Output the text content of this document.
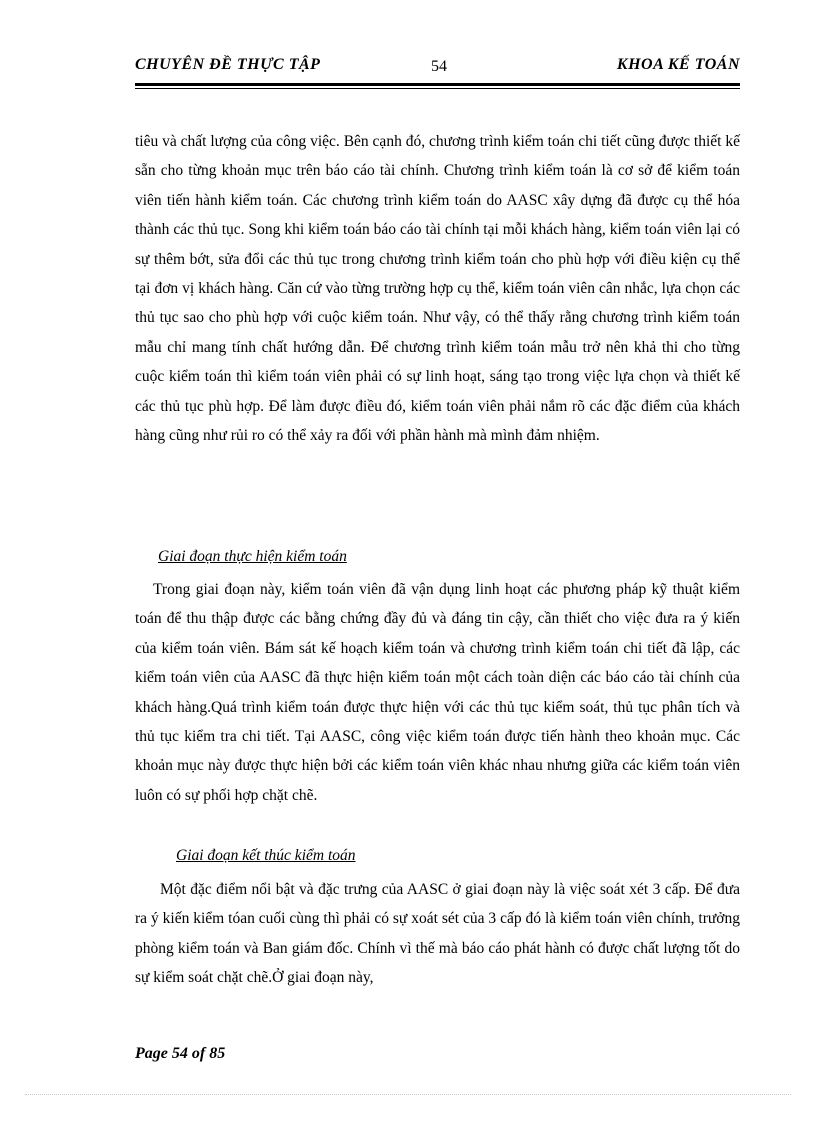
CHUYÊN ĐỀ THỰC TẬP	54	KHOA KẾ TOÁN
tiêu và chất lượng của công việc. Bên cạnh đó, chương trình kiểm toán chi tiết cũng được thiết kế sẵn cho từng khoản mục trên báo cáo tài chính. Chương trình kiểm toán là cơ sở để kiểm toán viên tiến hành kiểm toán. Các chương trình kiểm toán do AASC xây dựng đã được cụ thể hóa thành các thủ tục. Song khi kiểm toán báo cáo tài chính tại mỗi khách hàng, kiểm toán viên lại có sự thêm bớt, sửa đổi các thủ tục trong chương trình kiểm toán cho phù hợp với điều kiện cụ thể tại đơn vị khách hàng. Căn cứ vào từng trường hợp cụ thể, kiểm toán viên cân nhắc, lựa chọn các thủ tục sao cho phù hợp với cuộc kiểm toán. Như vậy, có thể thấy rằng chương trình kiểm toán mẫu chỉ mang tính chất hướng dẫn. Để chương trình kiểm toán mẫu trở nên khả thi cho từng cuộc kiểm toán thì kiểm toán viên phải có sự linh hoạt, sáng tạo trong việc lựa chọn và thiết kế các thủ tục phù hợp. Để làm được điều đó, kiểm toán viên phải nắm rõ các đặc điểm của khách hàng cũng như rủi ro có thể xảy ra đối với phần hành mà mình đảm nhiệm.
Giai đoạn thực hiện kiểm toán
Trong giai đoạn này, kiểm toán viên đã vận dụng linh hoạt các phương pháp kỹ thuật kiểm toán để thu thập được các bằng chứng đầy đủ và đáng tin cậy, cần thiết cho việc đưa ra ý kiến của kiểm toán viên. Bám sát kế hoạch kiểm toán và chương trình kiểm toán chi tiết đã lập, các kiểm toán viên của AASC đã thực hiện kiểm toán một cách toàn diện các báo cáo tài chính của khách hàng.Quá trình kiểm toán được thực hiện với các thủ tục kiểm soát, thủ tục phân tích và thủ tục kiểm tra chi tiết. Tại AASC, công việc kiểm toán được tiến hành theo khoản mục. Các khoản mục này được thực hiện bởi các kiểm toán viên khác nhau nhưng giữa các kiểm toán viên luôn có sự phối hợp chặt chẽ.
Giai đoạn kết thúc kiểm toán
Một đặc điểm nổi bật và đặc trưng của AASC ở giai đoạn này là việc soát xét 3 cấp. Để đưa ra ý kiến kiểm tóan cuối cùng thì phải có sự xoát sét của 3 cấp đó là kiểm toán viên chính, trưởng phòng kiểm toán và Ban giám đốc. Chính vì thế mà báo cáo phát hành có được chất lượng tốt do sự kiểm soát chặt chẽ.Ở giai đoạn này,
Page 54 of 85
